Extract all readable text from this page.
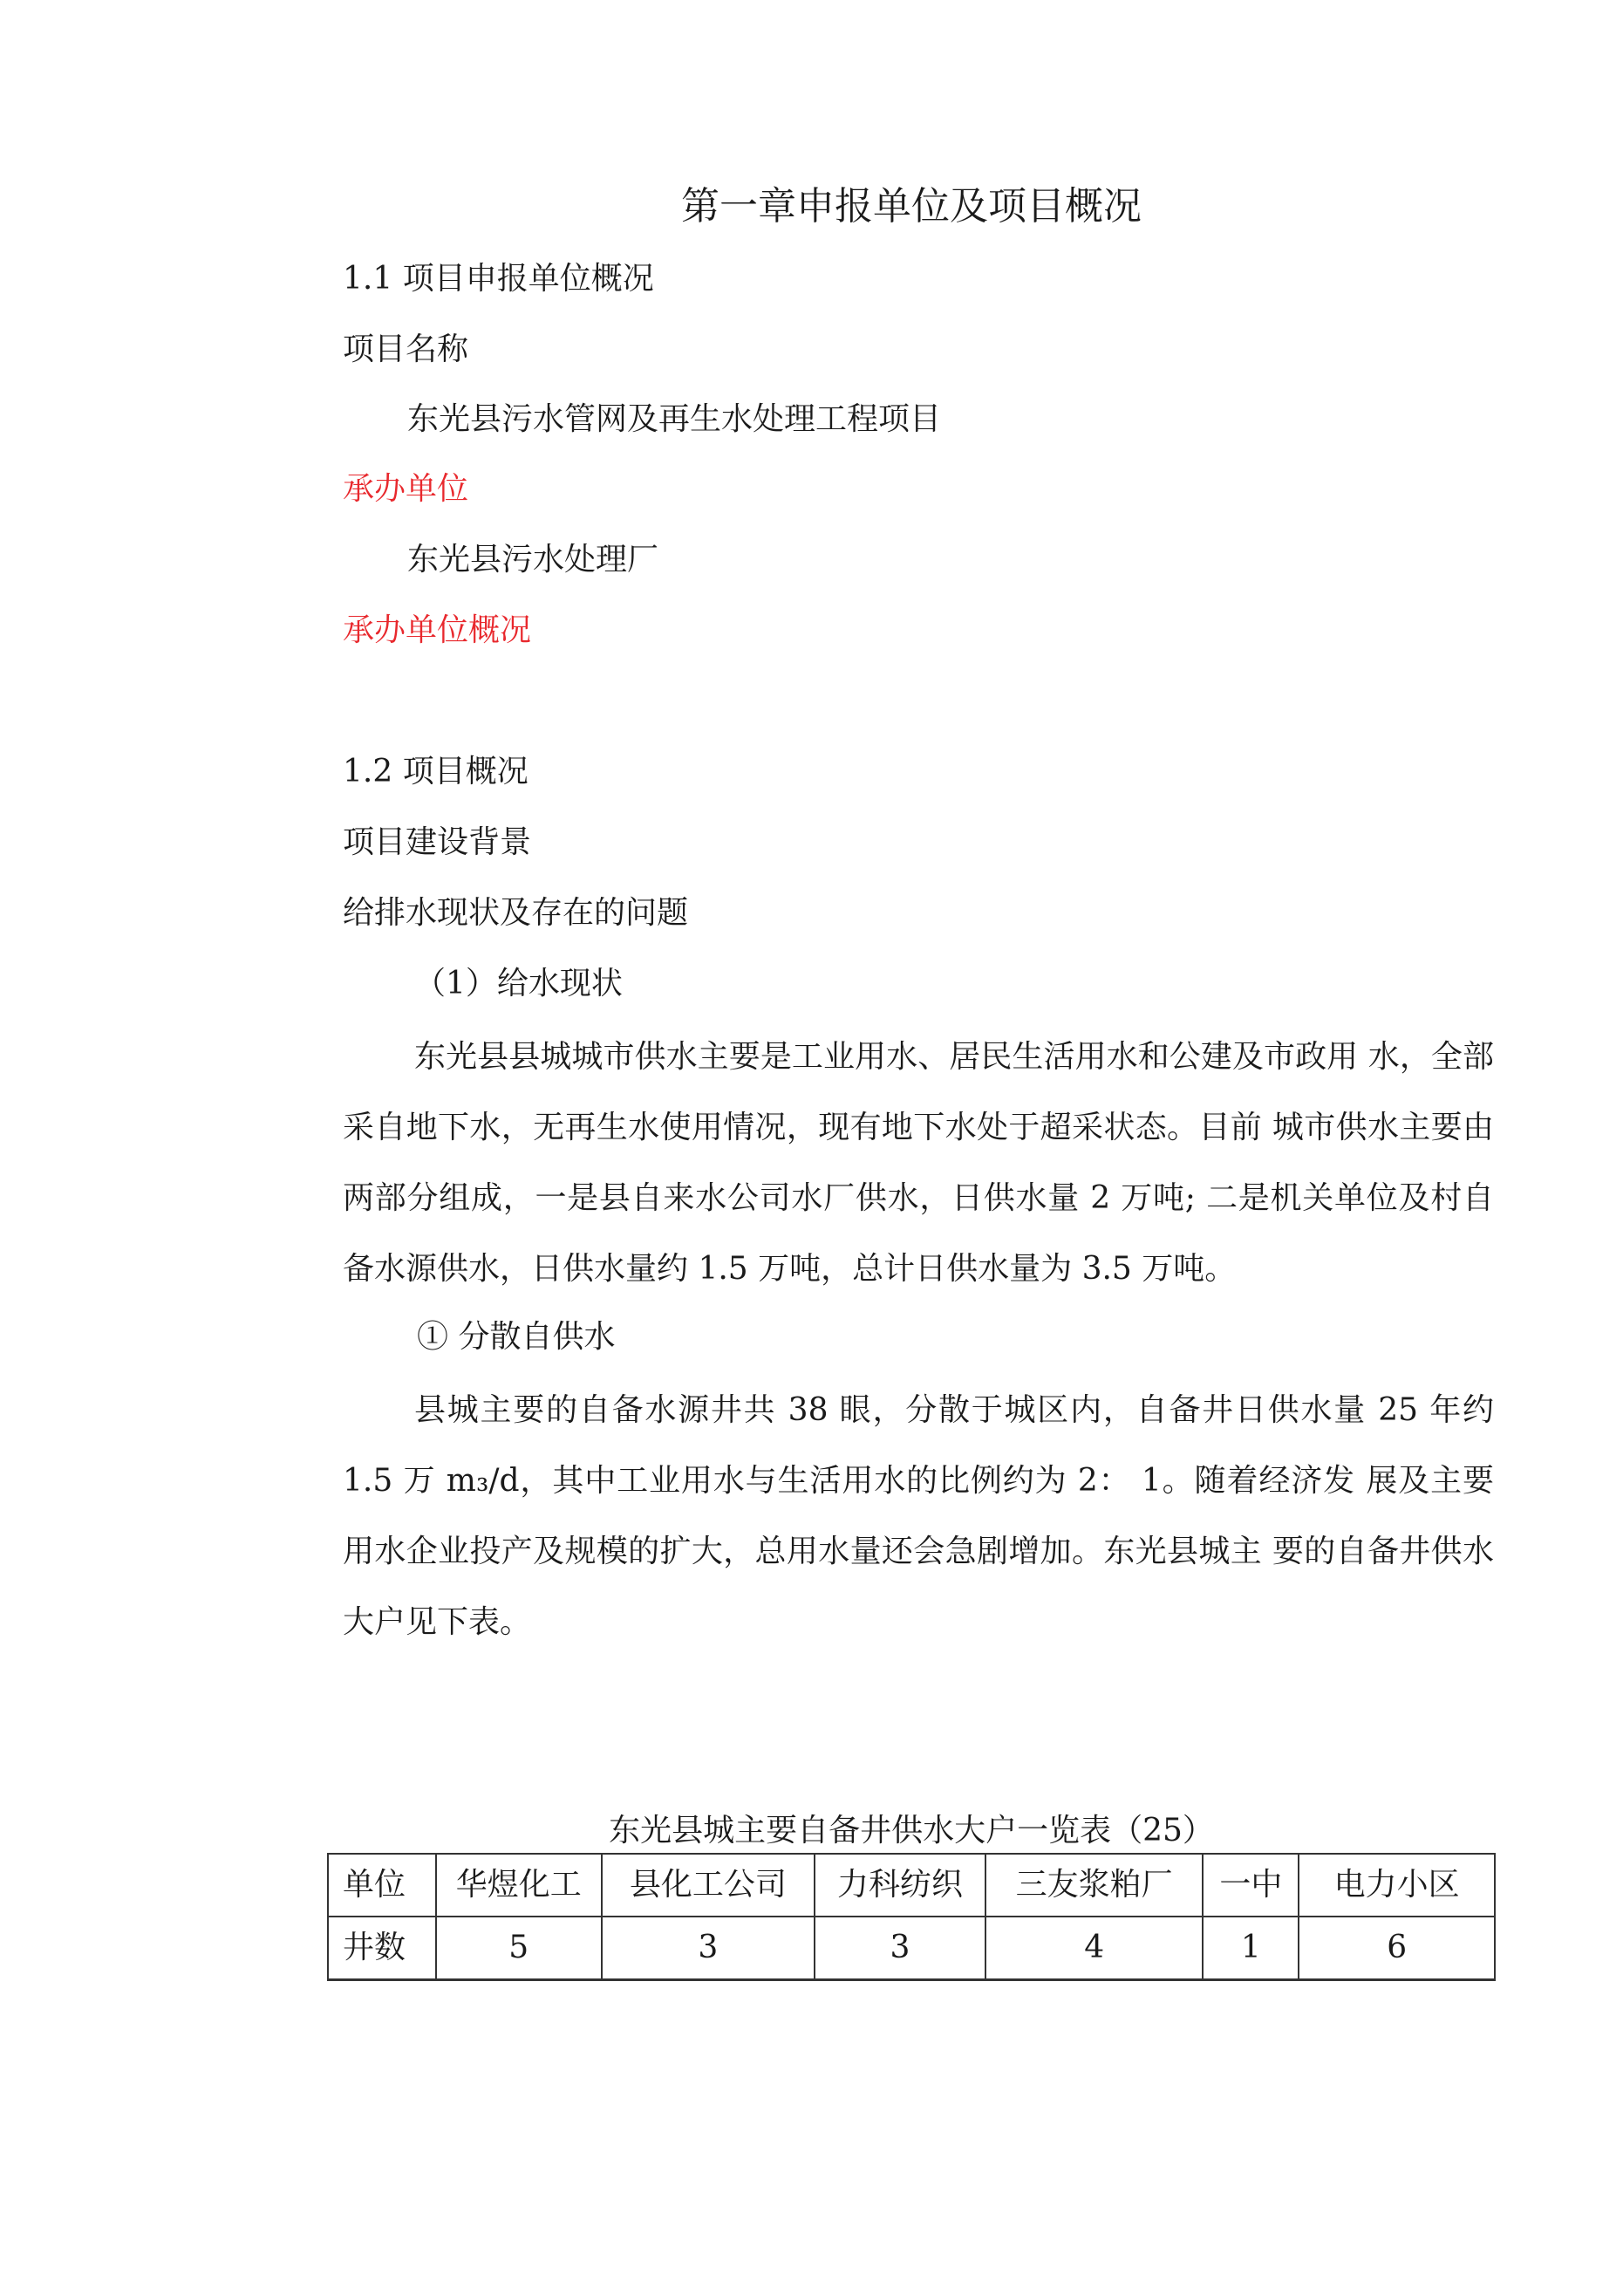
第一章申报单位及项目概况
1.1 项目申报单位概况
项目名称
东光县污水管网及再生水处理工程项目
承办单位
东光县污水处理厂
承办单位概况
1.2 项目概况
项目建设背景
给排水现状及存在的问题
（1）给水现状
东光县县城城市供水主要是工业用水、居民生活用水和公建及市政用 水，全部采自地下水，无再生水使用情况，现有地下水处于超采状态。目前 城市供水主要由两部分组成，一是县自来水公司水厂供水，日供水量 2 万吨; 二是机关单位及村自备水源供水，日供水量约 1.5 万吨，总计日供水量为 3.5 万吨。
① 分散自供水
县城主要的自备水源井共 38 眼，分散于城区内，自备井日供水量 25 年约 1.5 万 m₃/d，其中工业用水与生活用水的比例约为 2： 1。随着经济发 展及主要用水企业投产及规模的扩大，总用水量还会急剧增加。东光县城主 要的自备井供水大户见下表。
东光县城主要自备井供水大户一览表（25）
单位	华煜化工	县化工公司	力科纺织	三友浆粕厂	一中	电力小区
井数	5	3	3	4	1	6
